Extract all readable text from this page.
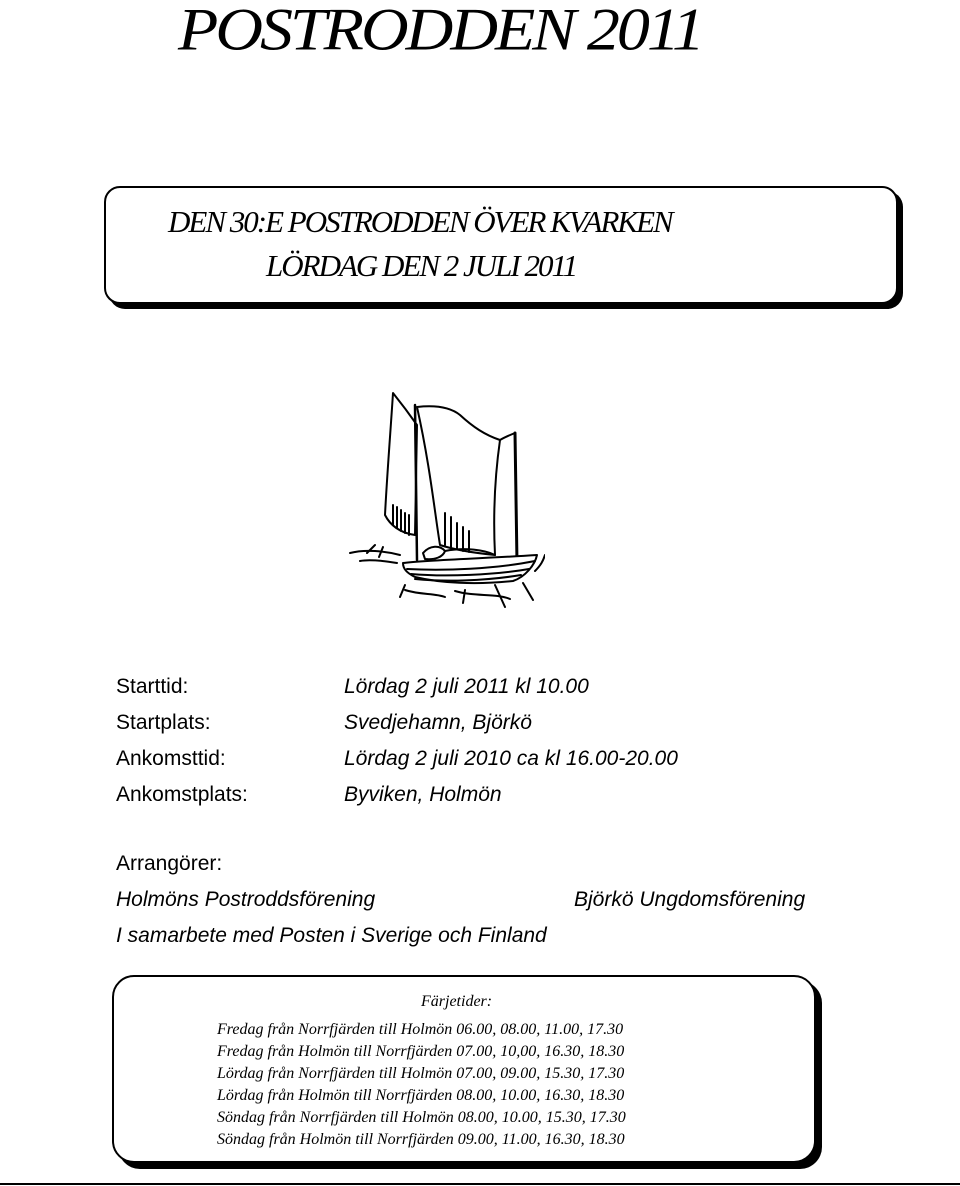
POSTRODDEN 2011
DEN 30:E POSTRODDEN ÖVER KVARKEN
LÖRDAG DEN 2 JULI 2011
Starttid:	Lördag 2 juli 2011 kl 10.00
Startplats:	Svedjehamn, Björkö
Ankomsttid:	Lördag 2 juli 2010 ca kl 16.00-20.00
Ankomstplats:	Byviken, Holmön
Arrangörer:
Holmöns Postroddsförening	Björkö Ungdomsförening
I samarbete med Posten i Sverige och Finland
Färjetider:
Fredag från Norrfjärden till Holmön 06.00, 08.00, 11.00, 17.30
Fredag från Holmön till Norrfjärden 07.00, 10,00, 16.30, 18.30
Lördag från Norrfjärden till Holmön 07.00, 09.00, 15.30, 17.30
Lördag från Holmön till Norrfjärden 08.00, 10.00, 16.30, 18.30
Söndag från Norrfjärden till Holmön 08.00, 10.00, 15.30, 17.30
Söndag från Holmön till Norrfjärden 09.00, 11.00, 16.30, 18.30
